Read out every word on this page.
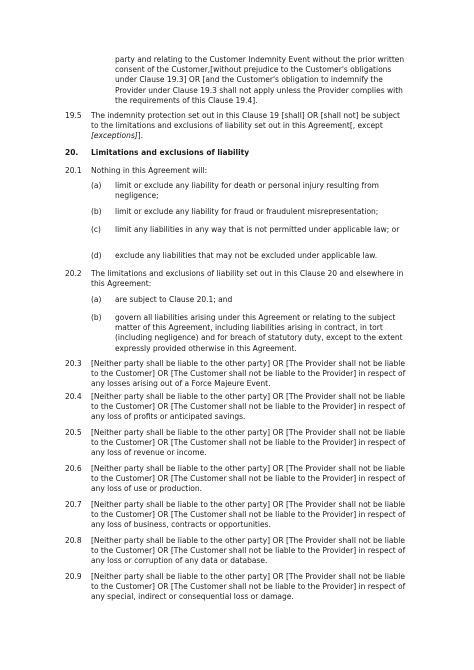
party and relating to the Customer Indemnity Event without the prior written consent of the Customer,[without prejudice to the Customer's obligations under Clause 19.3] OR [and the Customer's obligation to indemnify the Provider under Clause 19.3 shall not apply unless the Provider complies with the requirements of this Clause 19.4].

19.5 The indemnity protection set out in this Clause 19 [shall] OR [shall not] be subject to the limitations and exclusions of liability set out in this Agreement[, except [exceptions]].

20. Limitations and exclusions of liability
20.1 Nothing in this Agreement will:

(a) limit or exclude any liability for death or personal injury resulting from negligence;

(b) limit or exclude any liability for fraud or fraudulent misrepresentation;

(c) limit any liabilities in any way that is not permitted under applicable law; or

(d) exclude any liabilities that may not be excluded under applicable law.

20.2 The limitations and exclusions of liability set out in this Clause 20 and elsewhere in this Agreement:

(a) are subject to Clause 20.1; and

(b) govern all liabilities arising under this Agreement or relating to the subject matter of this Agreement, including liabilities arising in contract, in tort (including negligence) and for breach of statutory duty, except to the extent expressly provided otherwise in this Agreement.

20.3 [Neither party shall be liable to the other party] OR [The Provider shall not be liable to the Customer] OR [The Customer shall not be liable to the Provider] in respect of any losses arising out of a Force Majeure Event.

20.4 [Neither party shall be liable to the other party] OR [The Provider shall not be liable to the Customer] OR [The Customer shall not be liable to the Provider] in respect of any loss of profits or anticipated savings.

20.5 [Neither party shall be liable to the other party] OR [The Provider shall not be liable to the Customer] OR [The Customer shall not be liable to the Provider] in respect of any loss of revenue or income.

20.6 [Neither party shall be liable to the other party] OR [The Provider shall not be liable to the Customer] OR [The Customer shall not be liable to the Provider] in respect of any loss of use or production.

20.7 [Neither party shall be liable to the other party] OR [The Provider shall not be liable to the Customer] OR [The Customer shall not be liable to the Provider] in respect of any loss of business, contracts or opportunities.

20.8 [Neither party shall be liable to the other party] OR [The Provider shall not be liable to the Customer] OR [The Customer shall not be liable to the Provider] in respect of any loss or corruption of any data or database.

20.9 [Neither party shall be liable to the other party] OR [The Provider shall not be liable to the Customer] OR [The Customer shall not be liable to the Provider] in respect of any special, indirect or consequential loss or damage.
